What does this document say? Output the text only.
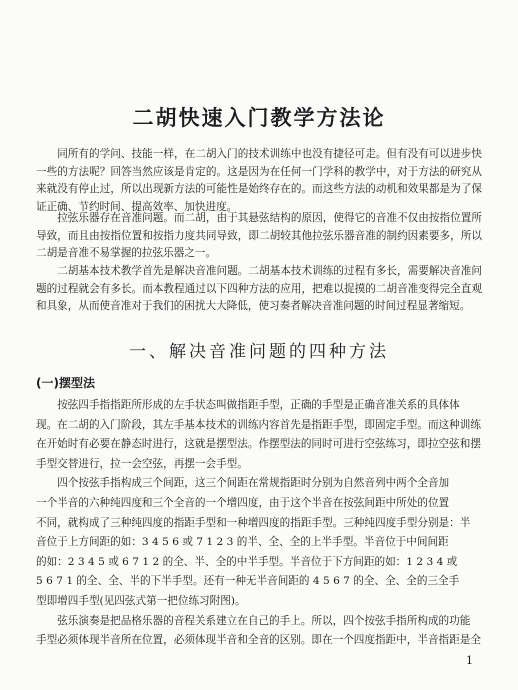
二胡快速入门教学方法论

同所有的学问、技能一样，在二胡入门的技术训练中也没有捷径可走。但有没有可以进步快一些的方法呢？回答当然应该是肯定的。这是因为在任何一门学科的教学中，对于方法的研究从来就没有停止过，所以出现新方法的可能性是始终存在的。而这些方法的动机和效果都是为了保证正确、节约时间、提高效率、加快进度。

拉弦乐器存在音准问题。而二胡，由于其悬弦结构的原因，使得它的音准不仅由按指位置所导致，而且由按指位置和按指力度共同导致，即二胡较其他拉弦乐器音准的制约因素要多，所以二胡是音准不易掌握的拉弦乐器之一。

二胡基本技术教学首先是解决音准问题。二胡基本技术训练的过程有多长，需要解决音准问题的过程就会有多长。而本教程通过以下四种方法的应用，把难以捉摸的二胡音准变得完全直观和具象，从而使音准对于我们的困扰大大降低，使习奏者解决音准问题的时间过程显著缩短。

一、解决音准问题的四种方法
(一)摆型法
按弦四手指指距所形成的左手状态叫做指距手型，正确的手型是正确音准关系的具体体
现。在二胡的入门阶段，其左手基本技术的训练内容首先是指距手型，即固定手型。而这种训练
在开始时有必要在静态时进行，这就是摆型法。作摆型法的同时可进行空弦练习，即拉空弦和摆
手型交替进行，拉一会空弦，再摆一会手型。
四个按弦手指构成三个间距，这三个间距在常规指距时分别为自然音列中两个全音加
一个半音的六种纯四度和三个全音的一个增四度，由于这个半音在按弦间距中所处的位置
不同，就构成了三种纯四度的指距手型和一种增四度的指距手型。三种纯四度手型分别是：半
音位于上方间距的如：3 4 5 6 或 7 1 2 3 的半、全、全的上半手型。半音位于中间间距
的如：2 3 4 5 或 6 7 1 2 的全、半、全的中半手型。半音位于下方间距的如：1 2 3 4 或
5 6 7 1 的全、全、半的下半手型。还有一种无半音间距的 4 5 6 7 的全、全、全的三全手
型即增四手型(见四弦式第一把位练习附图)。
弦乐演奏是把品格乐器的音程关系建立在自己的手上。所以，四个按弦手指所构成的功能
手型必须体现半音所在位置，必须体现半音和全音的区别。即在一个四度指距中，半音指距是全
1
